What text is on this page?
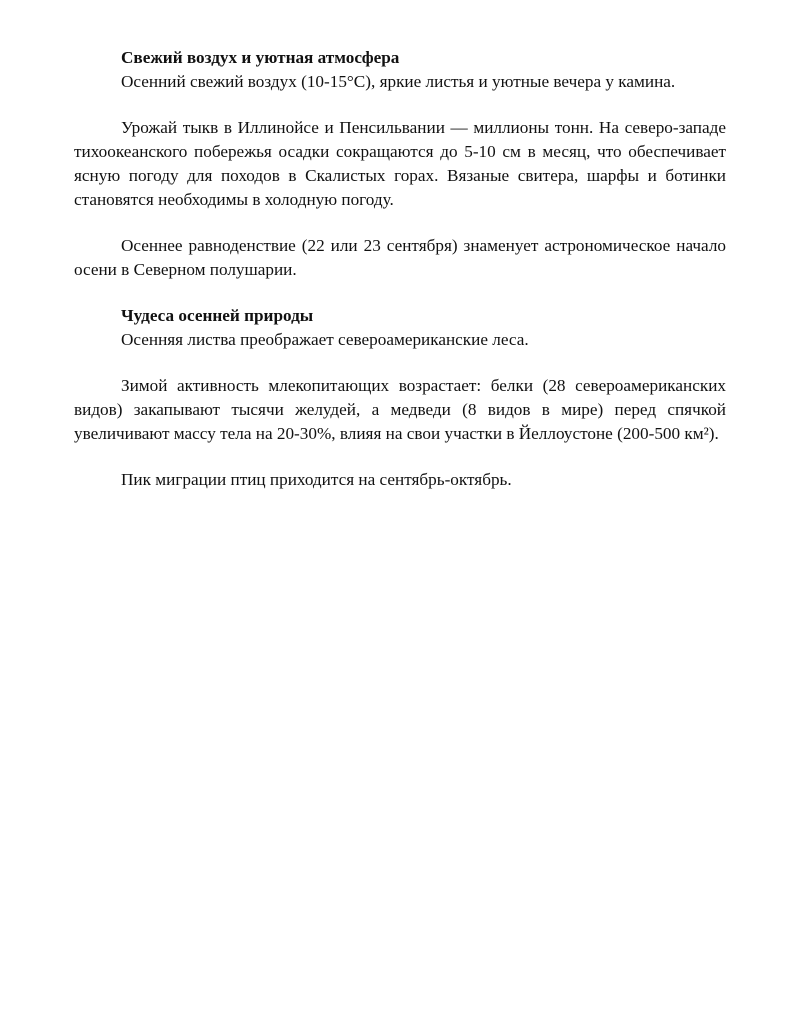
Свежий воздух и уютная атмосфера

Осенний свежий воздух (10-15°C), яркие листья и уютные вечера у камина.

Урожай тыкв в Иллинойсе и Пенсильвании — миллионы тонн. На северо-западе тихоокеанского побережья осадки сокращаются до 5-10 см в месяц, что обеспечивает ясную погоду для походов в Скалистых горах. Вязаные свитера, шарфы и ботинки становятся необходимы в холодную погоду.

Осеннее равноденствие (22 или 23 сентября) знаменует астрономическое начало осени в Северном полушарии.

Чудеса осенней природы

Осенняя листва преображает североамериканские леса.

Зимой активность млекопитающих возрастает: белки (28 североамериканских видов) закапывают тысячи желудей, а медведи (8 видов в мире) перед спячкой увеличивают массу тела на 20-30%, влияя на свои участки в Йеллоустоне (200-500 км²).

Пик миграции птиц приходится на сентябрь-октябрь.
